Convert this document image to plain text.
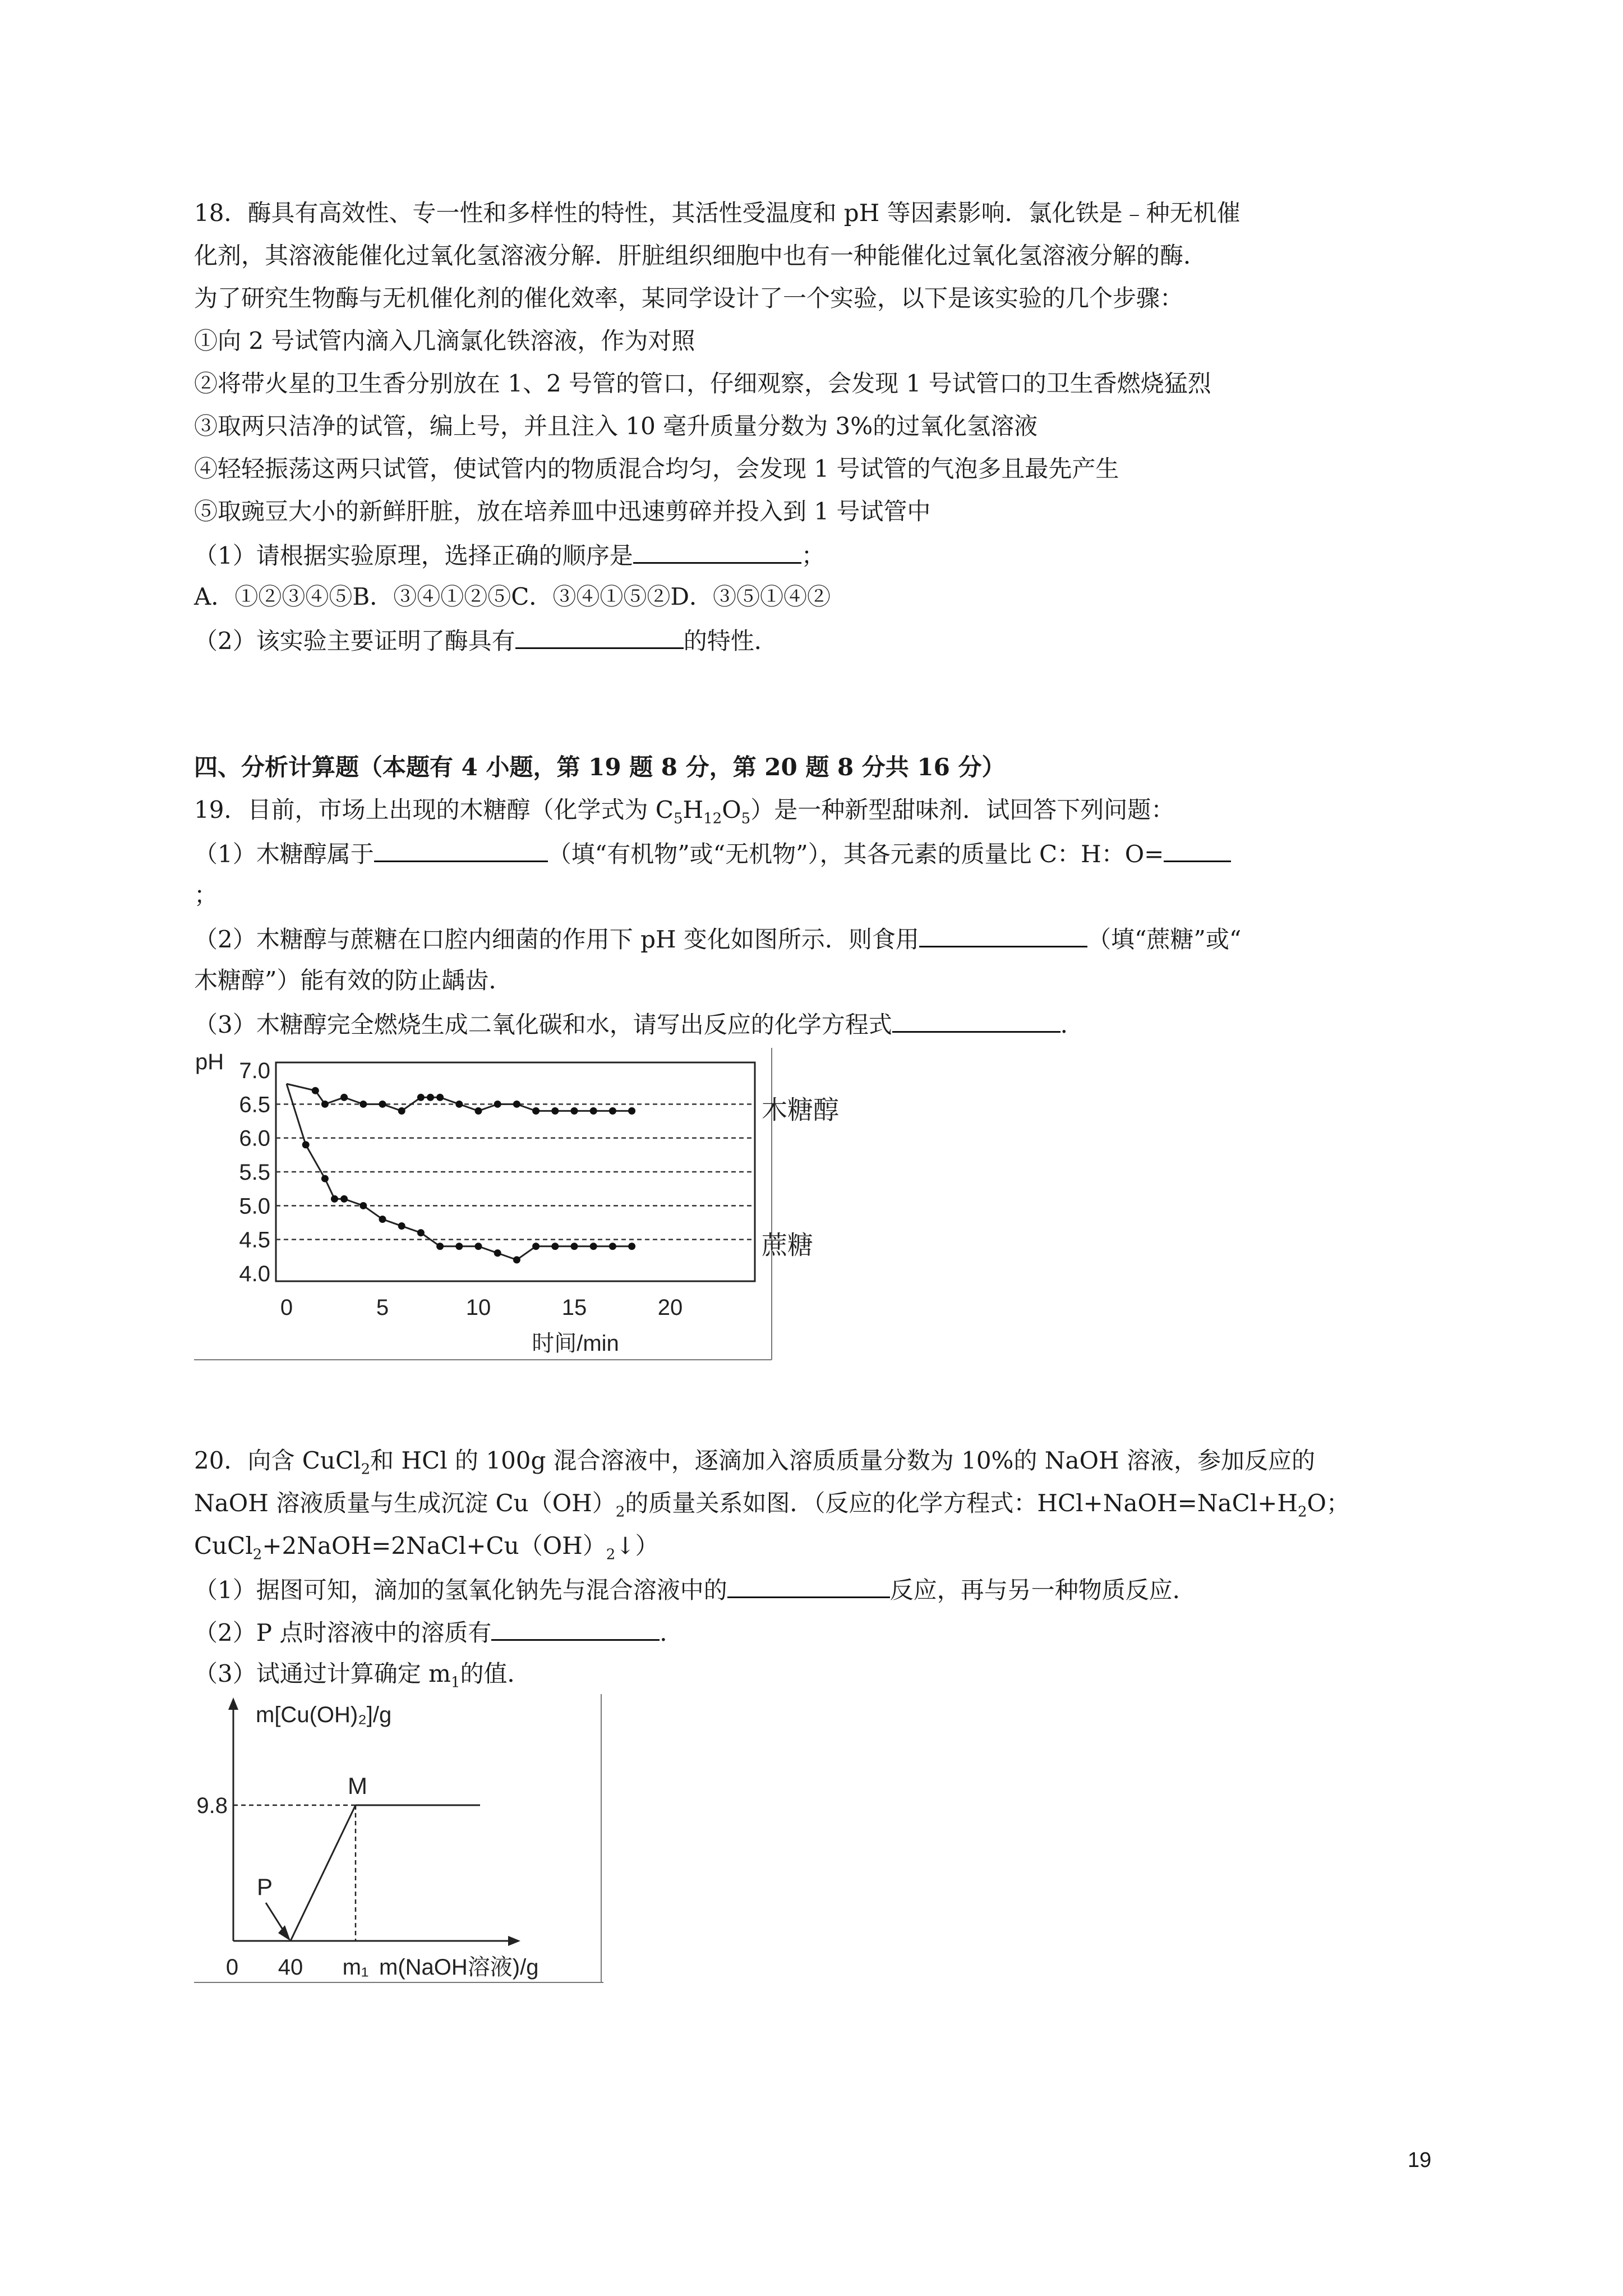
18．酶具有高效性、专一性和多样性的特性，其活性受温度和 pH 等因素影响．氯化铁是﹣种无机催
化剂，其溶液能催化过氧化氢溶液分解．肝脏组织细胞中也有一种能催化过氧化氢溶液分解的酶．
为了研究生物酶与无机催化剂的催化效率，某同学设计了一个实验，以下是该实验的几个步骤：
①向 2 号试管内滴入几滴氯化铁溶液，作为对照
②将带火星的卫生香分别放在 1、2 号管的管口，仔细观察，会发现 1 号试管口的卫生香燃烧猛烈
③取两只洁净的试管，编上号，并且注入 10 毫升质量分数为 3%的过氧化氢溶液
④轻轻振荡这两只试管，使试管内的物质混合均匀，会发现 1 号试管的气泡多且最先产生
⑤取豌豆大小的新鲜肝脏，放在培养皿中迅速剪碎并投入到 1 号试管中
（1）请根据实验原理，选择正确的顺序是	；
A．①②③④⑤B．③④①②⑤C．③④①⑤②D．③⑤①④②
（2）该实验主要证明了酶具有	的特性．
四、分析计算题（本题有 4 小题，第 19 题 8 分，第 20 题 8 分共 16 分）
19．目前，市场上出现的木糖醇（化学式为 $C_5H_{12}O_5$）是一种新型甜味剂．试回答下列问题：
（1）木糖醇属于	（填“有机物”或“无机物”），其各元素的质量比 C：H：O=
；
（2）木糖醇与蔗糖在口腔内细菌的作用下 pH 变化如图所示．则食用	（填“蔗糖”或“
木糖醇”）能有效的防止龋齿．
（3）木糖醇完全燃烧生成二氧化碳和水，请写出反应的化学方程式	．
pH 7.0
6.5
6.0
5.5
5.0
4.5
4.0
0	5	10	15	20
时间/min
木糖醇
蔗糖
20．向含 CuCl$_2$和 HCl 的 100g 混合溶液中，逐滴加入溶质质量分数为 10%的 NaOH 溶液，参加反应的
NaOH 溶液质量与生成沉淀 $Cu(OH)_2$的质量关系如图．（反应的化学方程式：$HCl+NaOH=NaCl+H_2O$；
$CuCl_2+2NaOH=2NaCl+Cu(OH)_2↓$）
（1）据图可知，滴加的氢氧化钠先与混合溶液中的	反应，再与另一种物质反应．
（2）P 点时溶液中的溶质有	．
（3）试通过计算确定 $m_1$的值．
m[Cu(OH)₂]/g
9.8
0 40 m₁ m(NaOH溶液)/g
M
P
19
